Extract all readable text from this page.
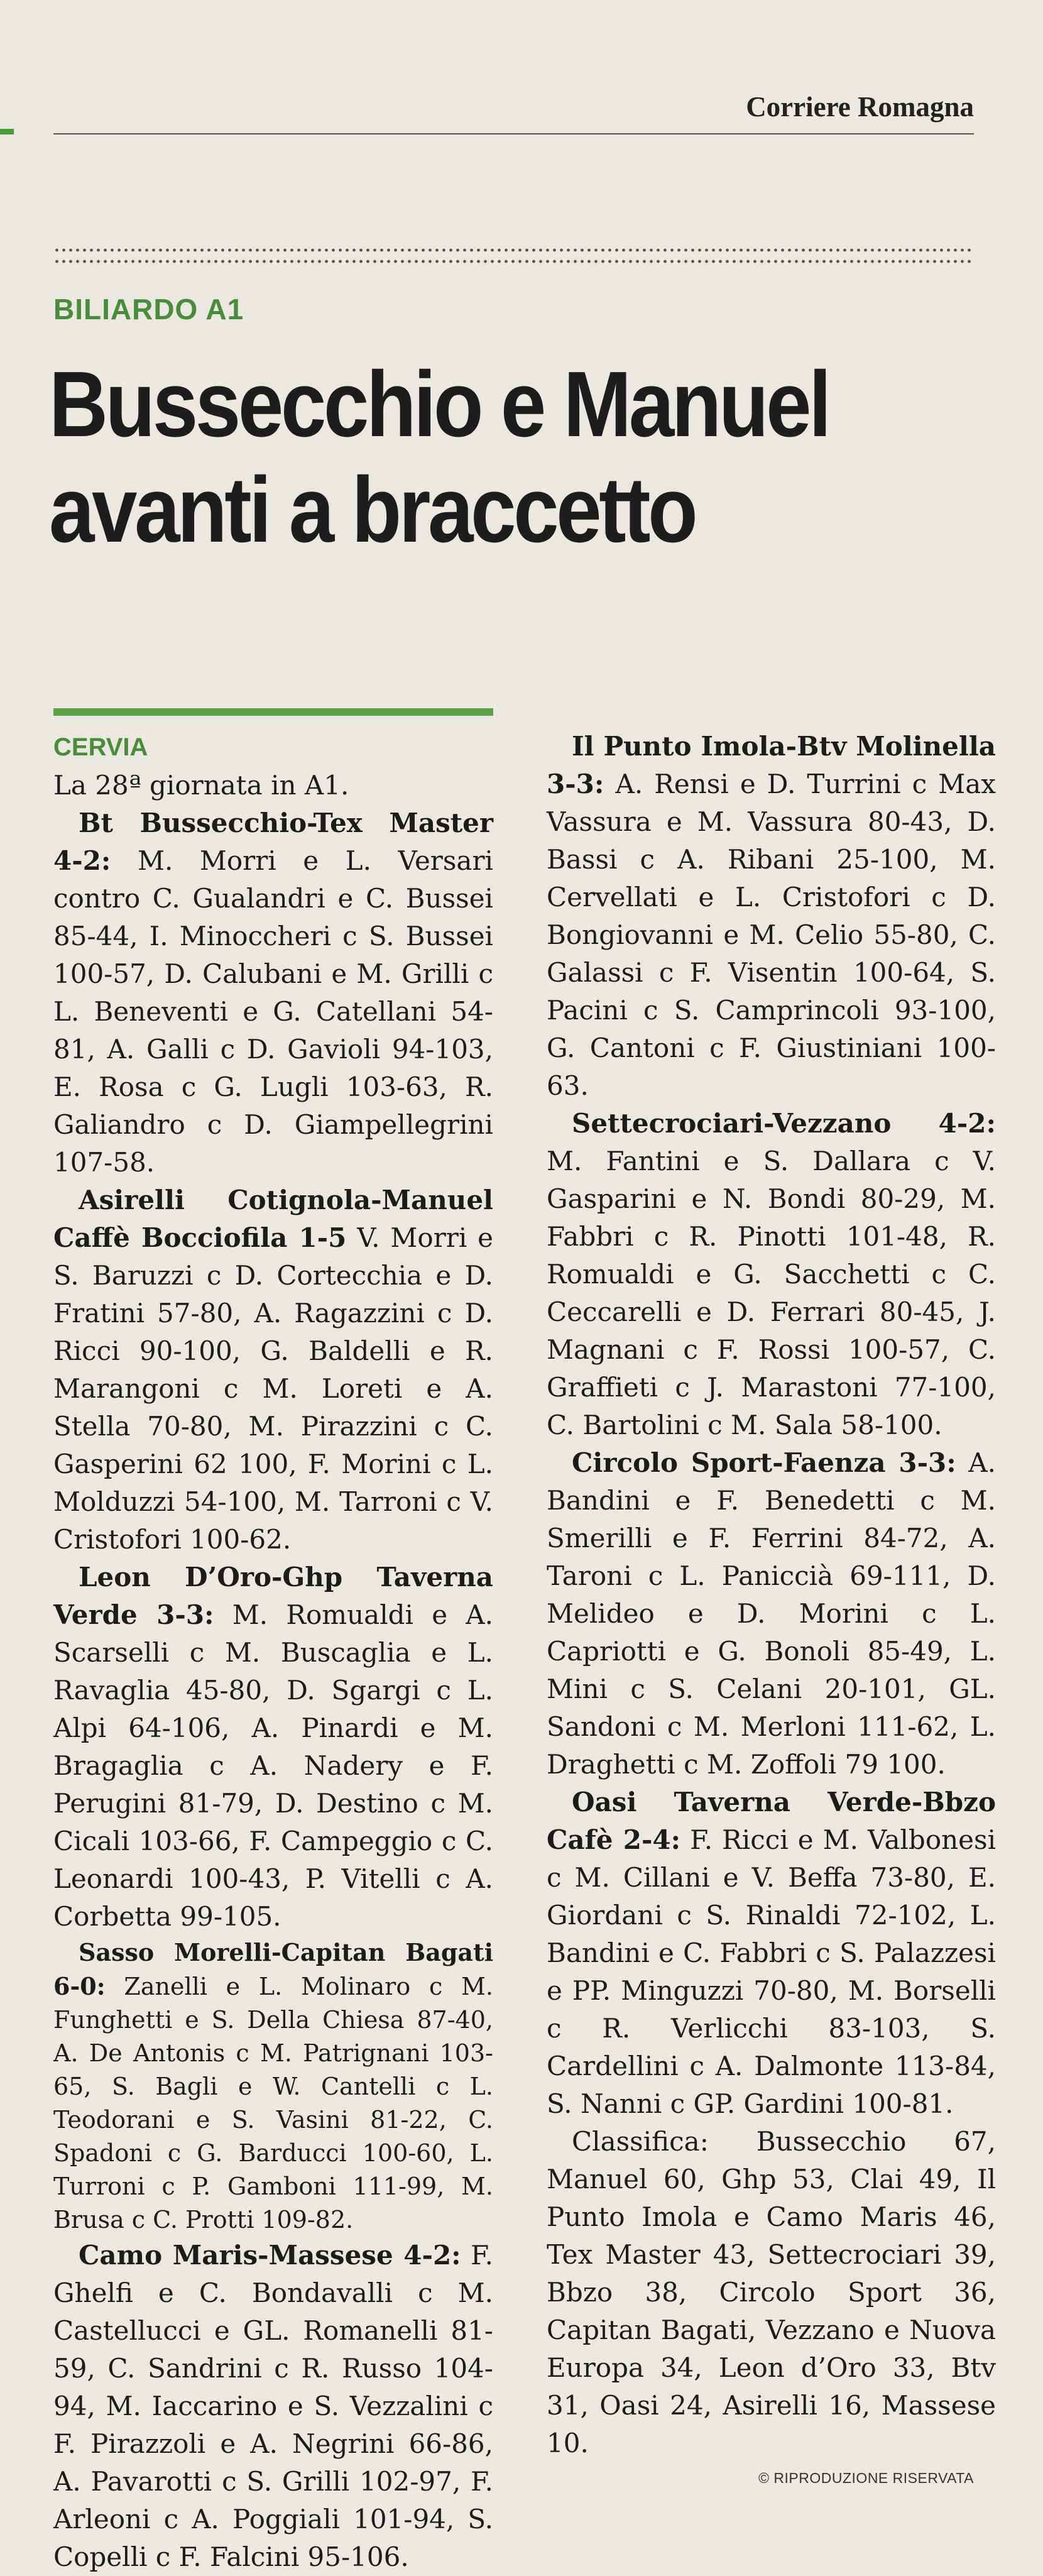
Corriere Romagna
BILIARDO A1
Bussecchio e Manuel
avanti a braccetto

CERVIA

La 28ª giornata in A1.

Bt Bussecchio-Tex Master 4-2: M. Morri e L. Versari contro C. Gualandri e C. Bussei 85-44, I. Minoccheri c S. Bussei 100-57, D. Calubani e M. Grilli c L. Beneventi e G. Catellani 54-81, A. Galli c D. Gavioli 94-103, E. Rosa c G. Lugli 103-63, R. Galiandro c D. Giampellegrini 107-58.

Asirelli Cotignola-Manuel Caffè Bocciofila 1-5 V. Morri e S. Baruzzi c D. Cortecchia e D. Fratini 57-80, A. Ragazzini c D. Ricci 90-100, G. Baldelli e R. Marangoni c M. Loreti e A. Stella 70-80, M. Pirazzini c C. Gasperini 62 100, F. Morini c L. Molduzzi 54-100, M. Tarroni c V. Cristofori 100-62.

Leon D’Oro-Ghp Taverna Verde 3-3: M. Romualdi e A. Scarselli c M. Buscaglia e L. Ravaglia 45-80, D. Sgargi c L. Alpi 64-106, A. Pinardi e M. Bragaglia c A. Nadery e F. Perugini 81-79, D. Destino c M. Cicali 103-66, F. Campeggio c C. Leonardi 100-43, P. Vitelli c A. Corbetta 99-105.

Sasso Morelli-Capitan Bagati 6-0: Zanelli e L. Molinaro c M. Funghetti e S. Della Chiesa 87-40, A. De Antonis c M. Patrignani 103-65, S. Bagli e W. Cantelli c L. Teodorani e S. Vasini 81-22, C. Spadoni c G. Barducci 100-60, L. Turroni c P. Gamboni 111-99, M. Brusa c C. Protti 109-82.

Camo Maris-Massese 4-2: F. Ghelfi e C. Bondavalli c M. Castellucci e GL. Romanelli 81-59, C. Sandrini c R. Russo 104-94, M. Iaccarino e S. Vezzalini c F. Pirazzoli e A. Negrini 66-86, A. Pavarotti c S. Grilli 102-97, F. Arleoni c A. Poggiali 101-94, S. Copelli c F. Falcini 95-106.

Il Punto Imola-Btv Molinella 3-3: A. Rensi e D. Turrini c Max Vassura e M. Vassura 80-43, D. Bassi c A. Ribani 25-100, M. Cervellati e L. Cristofori c D. Bongiovanni e M. Celio 55-80, C. Galassi c F. Visentin 100-64, S. Pacini c S. Camprincoli 93-100, G. Cantoni c F. Giustiniani 100-63.

Settecrociari-Vezzano 4-2: M. Fantini e S. Dallara c V. Gasparini e N. Bondi 80-29, M. Fabbri c R. Pinotti 101-48, R. Romualdi e G. Sacchetti c C. Ceccarelli e D. Ferrari 80-45, J. Magnani c F. Rossi 100-57, C. Graffieti c J. Marastoni 77-100, C. Bartolini c M. Sala 58-100.

Circolo Sport-Faenza 3-3: A. Bandini e F. Benedetti c M. Smerilli e F. Ferrini 84-72, A. Taroni c L. Paniccià 69-111, D. Melideo e D. Morini c L. Capriotti e G. Bonoli 85-49, L. Mini c S. Celani 20-101, GL. Sandoni c M. Merloni 111-62, L. Draghetti c M. Zoffoli 79 100.

Oasi Taverna Verde-Bbzo Cafè 2-4: F. Ricci e M. Valbonesi c M. Cillani e V. Beffa 73-80, E. Giordani c S. Rinaldi 72-102, L. Bandini e C. Fabbri c S. Palazzesi e PP. Minguzzi 70-80, M. Borselli c R. Verlicchi 83-103, S. Cardellini c A. Dalmonte 113-84, S. Nanni c GP. Gardini 100-81.

Classifica: Bussecchio 67, Manuel 60, Ghp 53, Clai 49, Il Punto Imola e Camo Maris 46, Tex Master 43, Settecrociari 39, Bbzo 38, Circolo Sport 36, Capitan Bagati, Vezzano e Nuova Europa 34, Leon d’Oro 33, Btv 31, Oasi 24, Asirelli 16, Massese 10.

© RIPRODUZIONE RISERVATA
